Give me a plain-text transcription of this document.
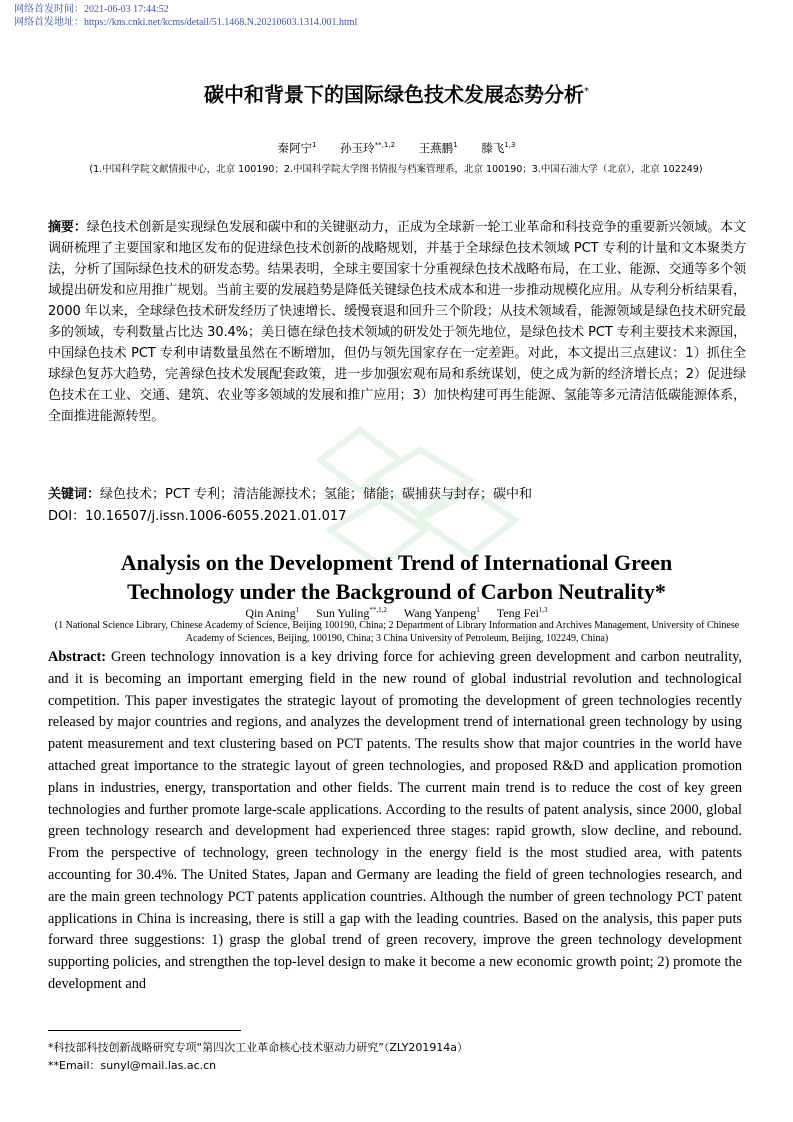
网络首发时间：2021-06-03 17:44:52
网络首发地址：https://kns.cnki.net/kcms/detail/51.1468.N.20210603.1314.001.html
碳中和背景下的国际绿色技术发展态势分析*
秦阿宁$^1$ 孙玉玲$^{**,1,2}$ 王燕鹏$^1$ 滕飞$^{1,3}$
(1.中国科学院文献情报中心，北京 100190；2.中国科学院大学图书情报与档案管理系，北京 100190；3.中国石油大学（北京），北京 102249)
摘要：绿色技术创新是实现绿色发展和碳中和的关键驱动力，正成为全球新一轮工业革命和科技竞争的重要新兴领域。本文调研梳理了主要国家和地区发布的促进绿色技术创新的战略规划，并基于全球绿色技术领域 PCT 专利的计量和文本聚类方法，分析了国际绿色技术的研发态势。结果表明，全球主要国家十分重视绿色技术战略布局，在工业、能源、交通等多个领域提出研发和应用推广规划。当前主要的发展趋势是降低关键绿色技术成本和进一步推动规模化应用。从专利分析结果看，2000 年以来，全球绿色技术研发经历了快速增长、缓慢衰退和回升三个阶段；从技术领域看，能源领域是绿色技术研究最多的领域，专利数量占比达 30.4%；美日德在绿色技术领域的研发处于领先地位，是绿色技术 PCT 专利主要技术来源国，中国绿色技术 PCT 专利申请数量虽然在不断增加，但仍与领先国家存在一定差距。对此，本文提出三点建议：1）抓住全球绿色复苏大趋势，完善绿色技术发展配套政策，进一步加强宏观布局和系统谋划，使之成为新的经济增长点；2）促进绿色技术在工业、交通、建筑、农业等多领域的发展和推广应用；3）加快构建可再生能源、氢能等多元清洁低碳能源体系，全面推进能源转型。
关键词：绿色技术；PCT 专利；清洁能源技术；氢能；储能；碳捕获与封存；碳中和
DOI：10.16507/j.issn.1006-6055.2021.01.017
Analysis on the Development Trend of International Green
Technology under the Background of Carbon Neutrality*
Qin Aning$^1$ Sun Yuling$^{**,1,2}$ Wang Yanpeng$^1$ Teng Fei$^{1,3}$
(1 National Science Library, Chinese Academy of Science, Beijing 100190, China; 2 Department of Library Information and Archives Management, University of Chinese Academy of Sciences, Beijing, 100190, China; 3 China University of Petroleum, Beijing, 102249, China)
Abstract: Green technology innovation is a key driving force for achieving green development and carbon neutrality, and it is becoming an important emerging field in the new round of global industrial revolution and technological competition. This paper investigates the strategic layout of promoting the development of green technologies recently released by major countries and regions, and analyzes the development trend of international green technology by using patent measurement and text clustering based on PCT patents. The results show that major countries in the world have attached great importance to the strategic layout of green technologies, and proposed R&D and application promotion plans in industries, energy, transportation and other fields. The current main trend is to reduce the cost of key green technologies and further promote large-scale applications. According to the results of patent analysis, since 2000, global green technology research and development had experienced three stages: rapid growth, slow decline, and rebound. From the perspective of technology, green technology in the energy field is the most studied area, with patents accounting for 30.4%. The United States, Japan and Germany are leading the field of green technologies research, and are the main green technology PCT patents application countries. Although the number of green technology PCT patent applications in China is increasing, there is still a gap with the leading countries. Based on the analysis, this paper puts forward three suggestions: 1) grasp the global trend of green recovery, improve the green technology development supporting policies, and strengthen the top-level design to make it become a new economic growth point; 2) promote the development and
*科技部科技创新战略研究专项“第四次工业革命核心技术驱动力研究”（ZLY201914a）
**Email：sunyl@mail.las.ac.cn
